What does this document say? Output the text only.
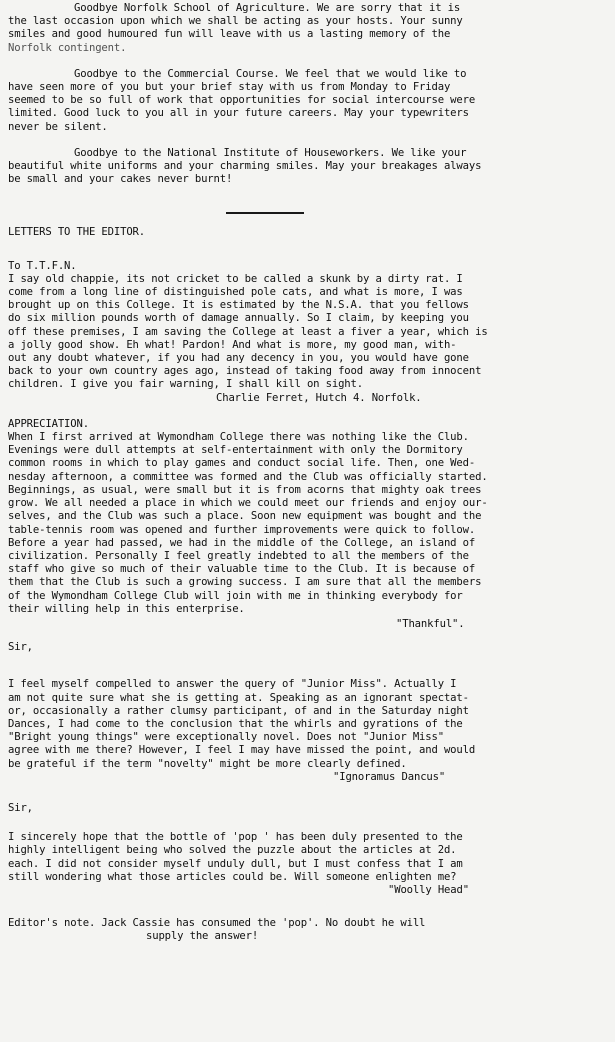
Goodbye Norfolk School of Agriculture. We are sorry that it is
the last occasion upon which we shall be acting as your hosts. Your sunny
smiles and good humoured fun will leave with us a lasting memory of the
Norfolk contingent.
Goodbye to the Commercial Course. We feel that we would like to
have seen more of you but your brief stay with us from Monday to Friday
seemed to be so full of work that opportunities for social intercourse were
limited. Good luck to you all in your future careers. May your typewriters
never be silent.
Goodbye to the National Institute of Houseworkers. We like your
beautiful white uniforms and your charming smiles. May your breakages always
be small and your cakes never burnt!
LETTERS TO THE EDITOR.
To T.T.F.N.
I say old chappie, its not cricket to be called a skunk by a dirty rat. I
come from a long line of distinguished pole cats, and what is more, I was
brought up on this College. It is estimated by the N.S.A. that you fellows
do six million pounds worth of damage annually. So I claim, by keeping you
off these premises, I am saving the College at least a fiver a year, which is
a jolly good show. Eh what! Pardon! And what is more, my good man, with-
out any doubt whatever, if you had any decency in you, you would have gone
back to your own country ages ago, instead of taking food away from innocent
children. I give you fair warning, I shall kill on sight.
Charlie Ferret, Hutch 4. Norfolk.
APPRECIATION.
When I first arrived at Wymondham College there was nothing like the Club.
Evenings were dull attempts at self-entertainment with only the Dormitory
common rooms in which to play games and conduct social life. Then, one Wed-
nesday afternoon, a committee was formed and the Club was officially started.
Beginnings, as usual, were small but it is from acorns that mighty oak trees
grow. We all needed a place in which we could meet our friends and enjoy our-
selves, and the Club was such a place. Soon new equipment was bought and the
table-tennis room was opened and further improvements were quick to follow.
Before a year had passed, we had in the middle of the College, an island of
civilization. Personally I feel greatly indebted to all the members of the
staff who give so much of their valuable time to the Club. It is because of
them that the Club is such a growing success. I am sure that all the members
of the Wymondham College Club will join with me in thinking everybody for
their willing help in this enterprise.
"Thankful".
Sir,
I feel myself compelled to answer the query of "Junior Miss". Actually I
am not quite sure what she is getting at. Speaking as an ignorant spectat-
or, occasionally a rather clumsy participant, of and in the Saturday night
Dances, I had come to the conclusion that the whirls and gyrations of the
"Bright young things" were exceptionally novel. Does not "Junior Miss"
agree with me there? However, I feel I may have missed the point, and would
be grateful if the term "novelty" might be more clearly defined.
"Ignoramus Dancus"
Sir,
I sincerely hope that the bottle of 'pop ' has been duly presented to the
highly intelligent being who solved the puzzle about the articles at 2d.
each. I did not consider myself unduly dull, but I must confess that I am
still wondering what those articles could be. Will someone enlighten me?
"Woolly Head"
Editor's note. Jack Cassie has consumed the 'pop'. No doubt he will
supply the answer!
